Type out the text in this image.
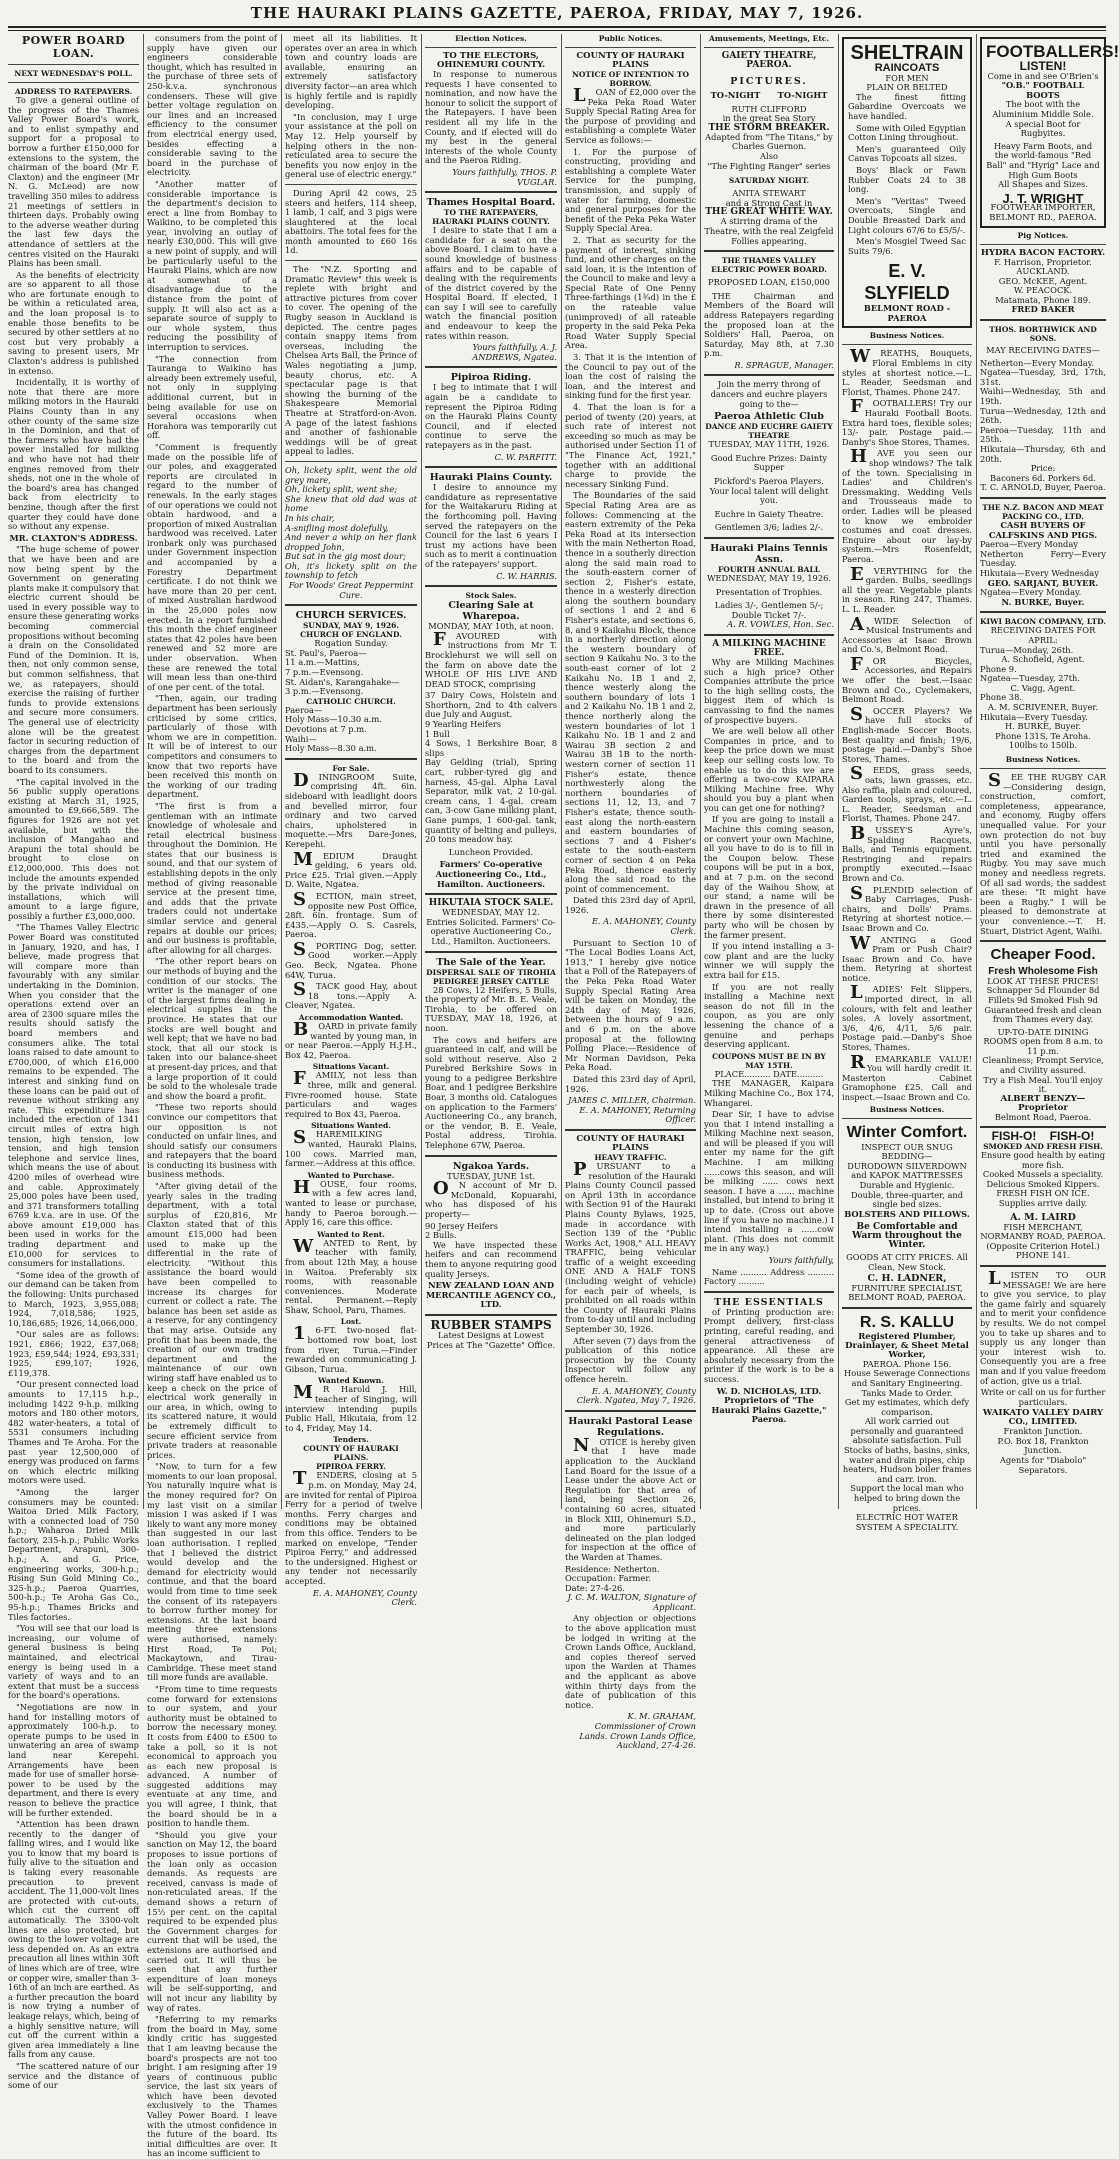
THE HAURAKI PLAINS GAZETTE, PAEROA, FRIDAY, MAY 7, 1926.
POWER BOARD LOAN.
NEXT WEDNESDAY'S POLL.
ADDRESS TO RATEPAYERS.

To give a general outline of the progress of the Thames Valley Power Board's work, and to enlist sympathy and support for a proposal to borrow a further £150,000 for extensions to the system, the chairman of the board (Mr F. Claxton) and the engineer (Mr N. G. McLeod) are now travelling 350 miles to address 21 meetings of settlers in thirteen days. Probably owing to the adverse weather during the last few days the attendance of settlers at the centres visited on the Hauraki Plains has been small.

As the benefits of electricity are so apparent to all those who are fortunate enough to be within a reticulated area, and the loan proposal is to enable those benefits to be secured by other settlers at no cost but very probably a saving to present users, Mr Claxton's address is published in extenso.

Incidentally, it is worthy of note that there are more milking motors in the Hauraki Plains County than in any other county of the same size in the Dominion, and that of the farmers who have had the power installed for milking and who have not had their engines removed from their sheds, not one in the whole of the board's area has changed back from electricity to benzine, though after the first quarter they could have done so without any expense.

MR. CLAXTON'S ADDRESS.

"The huge scheme of power that we have been and are now being spent by the Government on generating plants make it compulsory that electric current should be used in every possible way to ensure these generating works becoming commercial propositions without becoming a drain on the Consolidated Fund of the Dominion. It is, then, not only common sense, but common selfishness, that we, as ratepayers, should exercise the raising of further funds to provide extensions and secure more consumers. The general use of electricity alone will be the greatest factor in securing reduction of charges from the department to the board and from the board to its consumers.

"The capital involved in the 56 public supply operations existing at March 31, 1925, amounted to £9,666,589. The figures for 1926 are not yet available, but with the inclusion of Mangahao and Arapuni the total should be brought to close on £12,000,000. This does not include the amounts expended by the private individual on installations, which will amount to a large figure, possibly a further £3,000,000.

"The Thames Valley Electric Power Board was constituted in January, 1920, and has, I believe, made progress that will compare more than favourably with any similar undertaking in the Dominion. When you consider that the operations extend over an area of 2300 square miles the results should satisfy the board members and consumers alike. The total loans raised to date amount to £700,000, of which £16,000 remains to be expended. The interest and sinking fund on these loans can be paid out of revenue without striking any rate. This expenditure has included the erection of 1341 circuit miles of extra high tension, high tension, low tension, and high tension telephone and service lines, which means the use of about 4200 miles of overhead wire and cable. Approximately 25,000 poles have been used, and 371 transformers totalling 6769 k.v.a. are in use. Of the above amount £19,000 has been used in works for the trading department and £10,000 for services to consumers for installations.

"Some idea of the growth of our demand can be taken from the following: Units purchased to March, 1923, 3,955,088; 1924, 7,018,586; 1925, 10,186,685; 1926, 14,066,000.

"Our sales are as follows: 1921, £866; 1922, £37,068; 1923, £59,544; 1924, £93,331; 1925, £99,107; 1926, £119,378.

"Our present connected load amounts to 17,115 h.p., including 1422 9-h.p. milking motors and 180 other motors, 482 water-heaters, a total of 5531 consumers including Thames and Te Aroha. For the past year 12,500,000 of energy was produced on farms on which electric milking motors were used.

"Among the larger consumers may be counted: Waitoa Dried Milk Factory, with a connected load of 750 h.p.; Waharoa Dried Milk factory, 235-h.p.; Public Works Department, Arapuni, 300-h.p.; A. and G. Price, engineering works, 300-h.p.; Rising Sun Gold Mining Co., 325-h.p.; Paeroa Quarries, 500-h.p.; Te Aroha Gas Co., 95-h.p.; Thames Bricks and Tiles factories.

"You will see that our load is increasing, our volume of general business is being maintained, and electrical energy is being used in a variety of ways and to an extent that must be a success for the board's operations.

"Negotiations are now in hand for installing motors of approximately 100-h.p. to operate pumps to be used in unwatering an area of swamp land near Kerepehi. Arrangements have been made for use of smaller horse-power to be used by the department, and there is every reason to believe the practice will be further extended.

"Attention has been drawn recently to the danger of falling wires, and I would like you to know that my board is fully alive to the situation and is taking every reasonable precaution to prevent accident. The 11,000-volt lines are protected with cut-outs, which cut the current off automatically. The 3300-volt lines are also protected, but owing to the lower voltage are less depended on. As an extra precaution all lines within 30ft of lines which are of tree, wire or copper wire, smaller than 3-16th of an inch are earthed. As a further precaution the board is now trying a number of leakage relays, which, being of a highly sensitive nature, will cut off the current within a given area immediately a line falls from any cause.

"The scattered nature of our service and the distance of some of our

consumers from the point of supply have given our engineers considerable thought, which has resulted in the purchase of three sets of 250-k.v.a. synchronous condensers. These will give better voltage regulation on our lines and an increased efficiency to the consumer from electrical energy used, besides effecting a considerable saving to the board in the purchase of electricity.

"Another matter of considerable importance is the department's decision to erect a line from Bombay to Waikino, to be completed this year, involving an outlay of nearly £30,000. This will give a new point of supply, and will be particularly useful to the Hauraki Plains, which are now at somewhat of a disadvantage due to the distance from the point of supply. It will also act as a separate source of supply to our whole system, thus reducing the possibility of interruption to services.

"The connection from Tauranga to Waikino has already been extremely useful, not only in supplying additional current, but in being available for use on several occasions when Horahora was temporarily cut off.

"Comment is frequently made on the possible life of our poles, and exaggerated reports are circulated in regard to the number of renewals. In the early stages of our operations we could not obtain hardwood, and a proportion of mixed Australian hardwood was received. Later ironbark only was purchased under Government inspection and accompanied by a Forestry Department certificate. I do not think we have more than 20 per cent. of mixed Australian hardwood in the 25,000 poles now erected. In a report furnished this month the chief engineer states that 42 poles have been renewed and 52 more are under observation. When these are renewed the total will mean less than one-third of one per cent. of the total.

"Then, again, our trading department has been seriously criticised by some critics, particularly of those with whom we are in competition. It will be of interest to our competitors and consumers to know that two reports have been received this month on the working of our trading department.

"The first is from a gentleman with an intimate knowledge of wholesale and retail electrical business throughout the Dominion. He states that our business is sound, and that our system of establishing depots in the only method of giving reasonable service at the present time, and adds that the private traders could not undertake similar service and general repairs at double our prices; and our business is profitable, after allowing for all charges.

"The other report bears on our methods of buying and the condition of our stocks. The writer is the manager of one of the largest firms dealing in electrical supplies in the province. He states that our stocks are well bought and well kept; that we have no bad stock, that all our stock is taken into our balance-sheet at present-day prices, and that a large proportion of it could be sold to the wholesale trade and show the board a profit.

"These two reports should convince our competitors that our opposition is not conducted on unfair lines, and should satisfy our consumers and ratepayers that the board is conducting its business with business methods.

"After giving detail of the yearly sales in the trading department, with a total surplus of £20,816, Mr Claxton stated that of this amount £15,000 had been used to make up the differential in the rate of electricity. "Without this assistance the board would have been compelled to increase its charges for current or collect a rate. The balance has been set aside as a reserve, for any contingency that may arise. Outside any profit that has been made, the creation of our own trading department and the maintenance of our own wiring staff have enabled us to keep a check on the price of electrical work generally in our area, in which, owing to its scattered nature, it would be extremely difficult to secure efficient service from private traders at reasonable prices.

"Now, to turn for a few moments to our loan proposal. You naturally inquire what is the money required for? On my last visit on a similar mission I was asked if I was likely to want any more money than suggested in our last loan authorisation. I replied that I believed the district would develop and the demand for electricity would continue, and that the board would from time to time seek the consent of its ratepayers to borrow further money for extensions. At the last board meeting three extensions were authorised, namely: Hirst Road, Te Poi; Mackaytown, and Tirau-Cambridge. These meet stand till more funds are available.

"From time to time requests come forward for extensions to our system, and your authority must be obtained to borrow the necessary money. It costs from £400 to £500 to take a poll, so it is not economical to approach you as each new proposal is advanced. A number of suggested additions may eventuate at any time, and you will agree, I think, that the board should be in a position to handle them.

"Should you give your sanction on May 12, the board proposes to issue portions of the loan only as occasion demands. As requests are received, canvass is made of non-reticulated areas. If the demand shows a return of 15½ per cent. on the capital required to be expended plus the Government charges for current that will be used, the extensions are authorised and carried out. It will thus be seen that any further expenditure of loan moneys will be self-supporting, and will not incur any liability by way of rates.

"Referring to my remarks from the board in May, some kindly critic has suggested that I am leaving because the board's prospects are not too bright. I am resigning after 19 years of continuous public service, the last six years of which have been devoted exclusively to the Thames Valley Power Board. I leave with the utmost confidence in the future of the board. Its initial difficulties are over. It has an income sufficient to

meet all its liabilities. It operates over an area in which town and country loads are available, ensuring an extremely satisfactory diversity factor—an area which is highly fertile and is rapidly developing.

"In conclusion, may I urge your assistance at the poll on May 12. Help yourself by helping others in the non-reticulated area to secure the benefits you now enjoy in the general use of electric energy."

During April 42 cows, 25 steers and heifers, 114 sheep, 1 lamb, 1 calf, and 3 pigs were slaughtered at the local abattoirs. The total fees for the month amounted to £60 16s 1d.

The "N.Z. Sporting and Dramatic Review" this week is replete with bright and attractive pictures from cover to cover. The opening of the Rugby season in Auckland is depicted. The centre pages contain snappy items from overseas, including the Chelsea Arts Ball, the Prince of Wales negotiating a jump, beauty chorus, etc. A spectacular page is that showing the burning of the Shakespeare Memorial Theatre at Stratford-on-Avon. A page of the latest fashions and another of fashionable weddings will be of great appeal to ladies.

Oh, lickety split, went the old grey mare,
Oh, lickety split, went she;
She knew that old dad was at home
In his chair,
A-snifling most dolefully,
And never a whip on her flank dropped John,
But sat in the gig most dour;
Oh, it's lickety split on the township to fetch
For Woods' Great Peppermint Cure.
CHURCH SERVICES.
SUNDAY, MAY 9, 1926.
CHURCH OF ENGLAND.
Rogation Sunday.
St. Paul's, Paeroa—
11 a.m.—Mattins,
7 p.m.—Evensong.
St. Aidan's, Karangahake—
3 p.m.—Evensong.
CATHOLIC CHURCH.
Paeroa—
Holy Mass—10.30 a.m.
Devotions at 7 p.m.
Waihi—
Holy Mass—8.30 a.m.
For Sale.

DININGROOM Suite, comprising 4ft. 6in. sideboard with leadlight doors and bevelled mirror, four ordinary and two carved chairs, upholstered in moquette.—Mrs Dare-Jones, Kerepehi.

MEDIUM Draught gelding, 6 years old. Price £25. Trial given.—Apply D. Waite, Ngatea.

SECTION, main street, opposite new Post Office, 28ft. 6in. frontage. Sum of £435.—Apply O. S. Casrels, Paeroa.

SPORTING Dog, setter. Good worker.—Apply Geo. Beck, Ngatea. Phone 64W, Turua.

STACK good Hay, about 18 tons.—Apply A. Cleaver, Ngatea.

Accommodation Wanted.

BOARD in private family wanted by young man, in or near Paeroa.—Apply H.J.H., Box 42, Paeroa.

Situations Vacant.

FAMILY, not less than three, milk and general. Fivre-roomed house. State particulars and wages required to Box 43, Paeroa.

Situations Wanted.

SHAREMILKING wanted, Hauraki Plains, 100 cows. Married man, farmer.—Address at this office.

Wanted to Purchase.

HOUSE, four rooms, with a few acres land, wanted to lease or purchase, handy to Paeroa borough.—Apply 16, care this office.

Wanted to Rent.

WANTED to Rent, by teacher with family, from about 12th May, a house in Waitoa. Preferably six rooms, with reasonable conveniences. Moderate rental. Permanent.—Reply Shaw, School, Paru, Thames.

Lost.

16-FT. two-nosed flat-bottomed row boat, lost from river, Turua.—Finder rewarded on communicating J. Gibson, Turua.

Wanted Known.

MR Harold J. Hill, teacher of Singing, will interview intending pupils Public Hall, Hikutaia, from 12 to 4, Friday, May 14.

Tenders.
COUNTY OF HAURAKI PLAINS.
PIPIROA FERRY.

TENDERS, closing at 5 p.m. on Monday, May 24, are invited for rental of Pipiroa Ferry for a period of twelve months. Ferry charges and conditions may be obtained from this office. Tenders to be marked on envelope, "Tender Pipiroa Ferry," and addressed to the undersigned. Highest or any tender not necessarily accepted.

E. A. MAHONEY, County Clerk.

Election Notices.
TO THE ELECTORS, OHINEMURI COUNTY.

In response to numerous requests I have consented to nomination, and now have the honour to solicit the support of the Ratepayers. I have been resident all my life in the County, and if elected will do my best in the general interests of the whole County and the Paeroa Riding.

Yours faithfully, THOS. P. VUGLAR.

Thames Hospital Board.
TO THE RATEPAYERS, HAURAKI PLAINS COUNTY.

I desire to state that I am a candidate for a seat on the above Board. I claim to have a sound knowledge of business affairs and to be capable of dealing with the requirements of the district covered by the Hospital Board. If elected, I can say I will see to carefully watch the financial position and endeavour to keep the rates within reason.

Yours faithfully, A. J. ANDREWS, Ngatea.

Pipiroa Riding.

I beg to intimate that I will again be a candidate to represent the Pipiroa Riding on the Hauraki Plains County Council, and if elected continue to serve the ratepayers as in the past.

C. W. PARFITT.

Hauraki Plains County.

I desire to announce my candidature as representative for the Waitakaruru Riding at the forthcoming poll. Having served the ratepayers on the Council for the last 6 years I trust my actions have been such as to merit a continuation of the ratepayers' support.

C. W. HARRIS.

Stock Sales.
Clearing Sale at Wharepoa.
MONDAY, MAY 10th, at noon.

FAVOURED with instructions from Mr T. Brocklehurst we will sell on the farm on above date the WHOLE OF HIS LIVE AND DEAD STOCK, comprising

37 Dairy Cows, Holstein and Shorthorn, 2nd to 4th calvers due July and August.
9 Yearling Heifers
1 Bull
4 Sows, 1 Berkshire Boar, 8 slips
Bay Gelding (trial), Spring cart, rubber-tyred gig and harness, 45-gal. Alpha Laval Separator, milk vat, 2 10-gal. cream cans, 1 4-gal. cream can, 3-cow Gane milking plant, Gane pumps, 1 600-gal. tank, quantity of belting and pulleys, 20 tons meadow hay.
Luncheon Provided.

Farmers' Co-operative Auctioneering Co., Ltd., Hamilton. Auctioneers.

HIKUTAIA STOCK SALE.
WEDNESDAY, MAY 12.

Entries Solicited. Farmers' Co-operative Auctioneering Co., Ltd., Hamilton. Auctioneers.

The Sale of the Year.
DISPERSAL SALE OF TIROHIA PEDIGREE JERSEY CATTLE

28 Cows, 12 Heifers, 5 Bulls, the property of Mr. B. E. Veale, Tirohia, to be offered on TUESDAY, MAY 18, 1926, at noon.

The cows and heifers are guaranteed in calf, and will be sold without reserve. Also 2 Purebred Berkshire Sows in young to a pedigree Berkshire Boar, and 1 pedigree Berkshire Boar, 3 months old. Catalogues on application to the Farmers' Auctioneering Co., any branch, or the vendor, B. E. Veale, Postal address, Tirohia. Telephone 67W, Paeroa.

Ngakoa Yards.
TUESDAY, JUNE 1st.

ON account of Mr D. McDonald, Kopuarahi, who has disposed of his property—

90 Jersey Heifers
2 Bulls.

We have inspected these heifers and can recommend them to anyone requiring good quality Jerseys.

NEW ZEALAND LOAN AND MERCANTILE AGENCY CO., LTD.

RUBBER STAMPS
Latest Designs at Lowest Prices at The "Gazette" Office.
Public Notices.
COUNTY OF HAURAKI PLAINS
NOTICE OF INTENTION TO BORROW.

LOAN of £2,000 over the Peka Peka Road Water Supply Special Rating Area for the purpose of providing and establishing a complete Water Service as follows:—

1. For the purpose of constructing, providing and establishing a complete Water Service for the pumping, transmission, and supply of water for farming, domestic and general purposes for the benefit of the Peka Peka Water Supply Special Area.

2. That as security for the payment of interest, sinking fund, and other charges on the said loan, it is the intention of the Council to make and levy a Special Rate of One Penny Three-farthings (1¾d) in the £ on the rateable value (unimproved) of all rateable property in the said Peka Peka Road Water Supply Special Area.

3. That it is the intention of the Council to pay out of the loan the cost of raising the loan, and the interest and sinking fund for the first year.

4. That the loan is for a period of twenty (20) years, at such rate of interest not exceeding so much as may be authorised under Section 11 of "The Finance Act, 1921," together with an additional charge to provide the necessary Sinking Fund.

The Boundaries of the said Special Rating Area are as follows: Commencing at the eastern extremity of the Peka Peka Road at its intersection with the main Netherton Road, thence in a southerly direction along the said main road to the south-eastern corner of section 2, Fisher's estate, thence in a westerly direction along the southern boundary of sections 1 and 2 and 6 Fisher's estate, and sections 6, 8, and 9 Kaikahu Block, thence in a northerly direction along the western boundary of section 9 Kaikahu No. 3 to the south-east corner of lot 2 Kaikahu No. 1B 1 and 2, thence westerly along the southern boundary of lots 1 and 2 Kaikahu No. 1B 1 and 2, thence northerly along the western boundaries of lot 1 Kaikahu No. 1B 1 and 2 and Wairau 3B section 2 and Wairau 3B 1B to the north-western corner of section 11 Fisher's estate, thence northwesterly along the northern boundaries of sections 11, 12, 13, and 7 Fisher's estate, thence south-east along the north-eastern and eastern boundaries of sections 7 and 4 Fisher's estate to the south-eastern corner of section 4 on Peka Peka Road, thence easterly along the said road to the point of commencement.

Dated this 23rd day of April, 1926.

E. A. MAHONEY, County Clerk.

Pursuant to Section 10 of "The Local Bodies Loans Act, 1913," I hereby give notice that a Poll of the Ratepayers of the Peka Peka Road Water Supply Special Rating Area will be taken on Monday, the 24th day of May, 1926, between the hours of 9 a.m. and 6 p.m. on the above proposal at the following Polling Place:—Residence of Mr Norman Davidson, Peka Peka Road.

Dated this 23rd day of April, 1926.

JAMES C. MILLER, Chairman. E. A. MAHONEY, Returning Officer.

COUNTY OF HAURAKI PLAINS
HEAVY TRAFFIC.

PURSUANT to a resolution of the Hauraki Plains County Council passed on April 13th in accordance with Section 91 of the Hauraki Plains County Bylaws, 1925, made in accordance with Section 139 of the "Public Works Act, 1908," ALL HEAVY TRAFFIC, being vehicular traffic of a weight exceeding ONE AND A HALF TONS (including weight of vehicle) for each pair of wheels, is prohibited on all roads within the County of Hauraki Plains from to-day until and including September 30, 1926.

After seven (7) days from the publication of this notice prosecution by the County Inspector will follow any offence herein.

E. A. MAHONEY, County Clerk. Ngatea, May 7, 1926.

Hauraki Pastoral Lease Regulations.

NOTICE is hereby given that I have made application to the Auckland Land Board for the issue of a Lease under the above Act or Regulation for that area of land, being Section 26, containing 60 acres, situated in Block XIII, Ohinemuri S.D., and more particularly delineated on the plan lodged for inspection at the office of the Warden at Thames.

Residence: Netherton.
Occupation: Farmer.
Date: 27-4-26.

J. C. M. WALTON, Signature of Applicant.

Any objection or objections to the above application must be lodged in writing at the Crown Lands Office, Auckland, and copies thereof served upon the Warden at Thames and the applicant as above within thirty days from the date of publication of this notice.

K. M. GRAHAM, Commissioner of Crown Lands. Crown Lands Office, Auckland, 27-4-26.

Amusements, Meetings, Etc.
GAIETY THEATRE, PAEROA.
PICTURES.
TO-NIGHT      TO-NIGHT
RUTH CLIFFORD
in the great Sea Story
THE STORM BREAKER.
Adapted from "The Titans," by Charles Guernon.
Also
"The Fighting Ranger" series
SATURDAY NIGHT.
ANITA STEWART
and a Strong Cast in
THE GREAT WHITE WAY.
A stirring drama of the Theatre, with the real Zeigfeld Follies appearing.
THE THAMES VALLEY ELECTRIC POWER BOARD.
PROPOSED LOAN, £150,000

THE Chairman and Members of the Board will address Ratepayers regarding the proposed loan at the Soldiers' Hall, Paeroa, on Saturday, May 8th, at 7.30 p.m.

R. SPRAGUE, Manager.

Join the merry throng of dancers and euchre players going to the—

Paeroa Athletic Club
DANCE AND EUCHRE GAIETY THEATRE
TUESDAY, MAY 11TH, 1926.
Good Euchre Prizes: Dainty Supper
Pickford's Paeroa Players. Your local talent will delight you.
Euchre in Gaiety Theatre.
Gentlemen 3/6; ladies 2/-.
Hauraki Plains Tennis Assn.
FOURTH ANNUAL BALL
WEDNESDAY, MAY 19, 1926.
Presentation of Trophies.
Ladies 3/-, Gentlemen 5/-; Double Ticket 7/-.

A. R. VOWLES, Hon. Sec.

A MILKING MACHINE FREE.

Why are Milking Machines such a high price? Other Companies attribute the price to the high selling costs, the biggest item of which is canvassing to find the names of prospective buyers.

We are well below all other Companies in price, and to keep the price down we must keep our selling costs low. To enable us to do this we are offering a two-cow KAIPARA Milking Machine free. Why should you buy a plant when you can get one for nothing?

If you are going to install a Machine this coming season, or convert your own Machine, all you have to do is to fill in the Coupon below. These coupons will be put in a box, and at 7 p.m. on the second day of the Waihou Show, at our stand, a name will be drawn in the presence of all there by some disinterested party who will be chosen by the farmer present.

If you intend installing a 3-cow plant and are the lucky winner we will supply the extra bail for £15.

If you are not really installing a Machine next season do not fill in the coupon, as you are only lessening the chance of a genuine and perhaps deserving applicant.

COUPONS MUST BE IN BY MAY 15TH.
PLACE.......... DATE..........

THE MANAGER, Kaipara Milking Machine Co., Box 174, Whangarei.

Dear Sir, I have to advise you that I intend installing a Milking Machine next season, and will be pleased if you will enter my name for the gift Machine. I am milking ......cows this season, and will be milking ...... cows next season. I have a ...... machine installed, but intend to bring it up to date. (Cross out above line if you have no machine.) I intend installing a ......cow plant. (This does not commit me in any way.)

Yours faithfully,

Name .......... Address .......... Factory ..........

THE ESSENTIALS

of Printing production are: Prompt delivery, first-class printing, careful reading, and general attractiveness of appearance. All these are absolutely necessary from the printer if the work is to be a success.

W. D. NICHOLAS, LTD. Proprietors of "The Hauraki Plains Gazette," Paeroa.

SHELTRAIN
RAINCOATS
FOR MEN
PLAIN OR BELTED

The finest fitting Gabardine Overcoats we have handled.

Some with Oiled Egyptian Cotton Lining throughout.

Men's guaranteed Oily Canvas Topcoats all sizes.

Boys' Black or Fawn Rubber Coats 24 to 38 long.

Men's "Veritas" Tweed Overcoats, Single and Double Breasted Dark and Light colours 67/6 to £5/5/-.

Men's Mosgiel Tweed Sac Suits 79/6.

E. V. SLYFIELD
BELMONT ROAD - PAEROA
Business Notices.

WREATHS, Bouquets, Floral Emblems in city styles at shortest notice.—L. L. Reader, Seedsman and Florist, Thames. Phone 247.

FOOTBALLERS! Try our Hauraki Football Boots. Extra hard toes, flexible soles; 13/- pair. Postage paid.—Danby's Shoe Stores, Thames.

HAVE you seen our shop windows? The talk of the town. Specialising in Ladies' and Children's Dressmaking. Wedding Veils and Trousseaus made to order. Ladies will be pleased to know we embroider costumes and coat dresses. Enquire about our lay-by system.—Mrs Rosenfeldt, Paeroa.

EVERYTHING for the garden. Bulbs, seedlings all the year. Vegetable plants in season. Ring 247, Thames. L. L. Reader.

AWIDE Selection of Musical Instruments and Accessories at Isaac Brown and Co.'s, Belmont Road.

FOR Bicycles, Accessories, and Repairs we offer the best.—Isaac Brown and Co., Cyclemakers, Belmont Road.

SOCCER Players? We have full stocks of English-made Soccer Boots. Best quality and finish; 19/6, postage paid.—Danby's Shoe Stores, Thames.

SEEDS, grass seeds, oats, lawn grasses, etc. Also raffia, plain and coloured, Garden tools, sprays, etc.—L. L. Reader, Seedsman and Florist, Thames. Phone 247.

BUSSEY'S Ayre's, Spalding Racquets, Balls, and Tennis equipment. Restringing and repairs promptly executed.—Isaac Brown and Co.

SPLENDID selection of Baby Carriages, Push-chairs, and Dolls' Prams. Retyring at shortest notice.—Isaac Brown and Co.

WANTING a Good Pram or Push Chair? Isaac Brown and Co. have them. Retyring at shortest notice.

LADIES' Felt Slippers, imported direct, in all colours, with felt and leather soles. A lovely assortment, 3/6, 4/6, 4/11, 5/6 pair. Postage paid.—Danby's Shoe Stores, Thames.

REMARKABLE VALUE! You will hardly credit it. Masterton Cabinet Gramophone £25. Call and inspect.—Isaac Brown and Co.

Business Notices.
Winter Comfort.
INSPECT OUR SNUG BEDDING—
DURODOWN SILVERDOWN and KAPOK MATTRESSES
Durable and Hygienic.
Double, three-quarter, and single bed sizes.
BOLSTERS AND PILLOWS.
Be Comfortable and Warm throughout the Winter.
GOODS AT CITY PRICES. All Clean, New Stock.
C. H. LADNER,
FURNITURE SPECIALIST, BELMONT ROAD, PAEROA.
R. S. KALLU
Registered Plumber, Drainlayer, & Sheet Metal Worker,
PAEROA. Phone 156.
House Sewerage Connections and Sanitary Engineering.
Tanks Made to Order.
Get my estimates, which defy comparison.
All work carried out personally and guaranteed absolute satisfaction. Full Stocks of baths, basins, sinks, water and drain pipes, chip heaters, Hudson boiler frames and carr. iron.
Support the local man who helped to bring down the prices.
ELECTRIC HOT WATER SYSTEM A SPECIALITY.
FOOTBALLERS!
LISTEN!
Come in and see O'Brien's
"O.B." FOOTBALL BOOTS
The boot with the Aluminium Middle Sole.
A special Boot for Rugbyites.
Heavy Farm Boots, and the world-famous "Red Ball" and "Hyrig" Lace and High Gum Boots
All Shapes and Sizes.
J. T. WRIGHT
FOOTWEAR IMPORTER, BELMONT RD., PAEROA.
Pig Notices.
HYDRA BACON FACTORY.
F. Harrison, Proprietor.
AUCKLAND.
GEO. McKEE, Agent.
W. PEACOCK.
Matamata, Phone 189.
FRED BAKER
THOS. BORTHWICK AND SONS.
MAY RECEIVING DATES—
Netherton—Every Monday.
Ngatea—Tuesday, 3rd, 17th, 31st.
Waihi—Wednesday, 5th and 19th.
Turua—Wednesday, 12th and 26th.
Paeroa—Tuesday, 11th and 25th.
Hikutaia—Thursday, 6th and 20th.
Price:
Baconers 6d. Porkers 6d.
T. C. ARNOLD, Buyer, Paeroa.
THE N.Z. BACON AND MEAT PACKING CO., LTD.
CASH BUYERS OF CALFSKINS AND PIGS.
Paeroa—Every Monday
Netherton Ferry—Every Tuesday.
Hikutaia—Every Wednesday
GEO. SARJANT, BUYER.
Ngatea—Every Monday.
N. BURKE, Buyer.
KIWI BACON COMPANY, LTD.
RECEIVING DATES FOR APRIL:
Turua—Monday, 26th.
A. Schofield, Agent.
Phone 9.
Ngatea—Tuesday, 27th.
C. Vagg, Agent.
Phone 38.
A. M. SCRIVENER, Buyer.
Hikutaia—Every Tuesday.
H. BURKE, Buyer.
Phone 131S, Te Aroha.
100lbs to 150lb.
Business Notices.

SEE THE RUGBY CAR—Considering design, construction, comfort, completeness, appearance, and economy, Rugby offers unequalled value. For your own protection do not buy until you have personally tried and examined the Rugby. You may save much money and needless regrets. Of all sad words, the saddest are these: "It might have been a Rugby." I will be pleased to demonstrate at your convenience.—T. H. Stuart, District Agent, Waihi.

Cheaper Food.
Fresh Wholesome Fish
LOOK AT THESE PRICES!
Schnapper 5d Flounder 8d
Fillets 9d Smoked Fish 9d
Guaranteed fresh and clean from Thames every day.
UP-TO-DATE DINING ROOMS open from 8 a.m. to 11 p.m.
Cleanliness; Prompt Service, and Civility assured.
Try a Fish Meal. You'll enjoy it.
ALBERT BENZY—Proprietor
Belmont Road, Paeroa.
FISH-O!    FISH-O!
SMOKED AND FRESH FISH.
Ensure good health by eating more fish.
Cooked Mussels a speciality.
Delicious Smoked Kippers.
FRESH FISH ON ICE.
Supplies arrive daily.
A. M. LAIRD
FISH MERCHANT,
NORMANBY ROAD, PAEROA.
(Opposite Criterion Hotel.)
PHONE 141.

LISTEN TO OUR MESSAGE! We are here to give you service, to play the game fairly and squarely and to merit your confidence by results. We do not compel you to take up shares and to supply us any longer than your interest wish to. Consequently you are a free man and if you value freedom of action, give us a trial.

Write or call on us for further particulars.

WAIKATO VALLEY DAIRY CO., LIMITED.
Frankton Junction.
P.O. Box 18, Frankton Junction.
Agents for "Diabolo" Separators.
